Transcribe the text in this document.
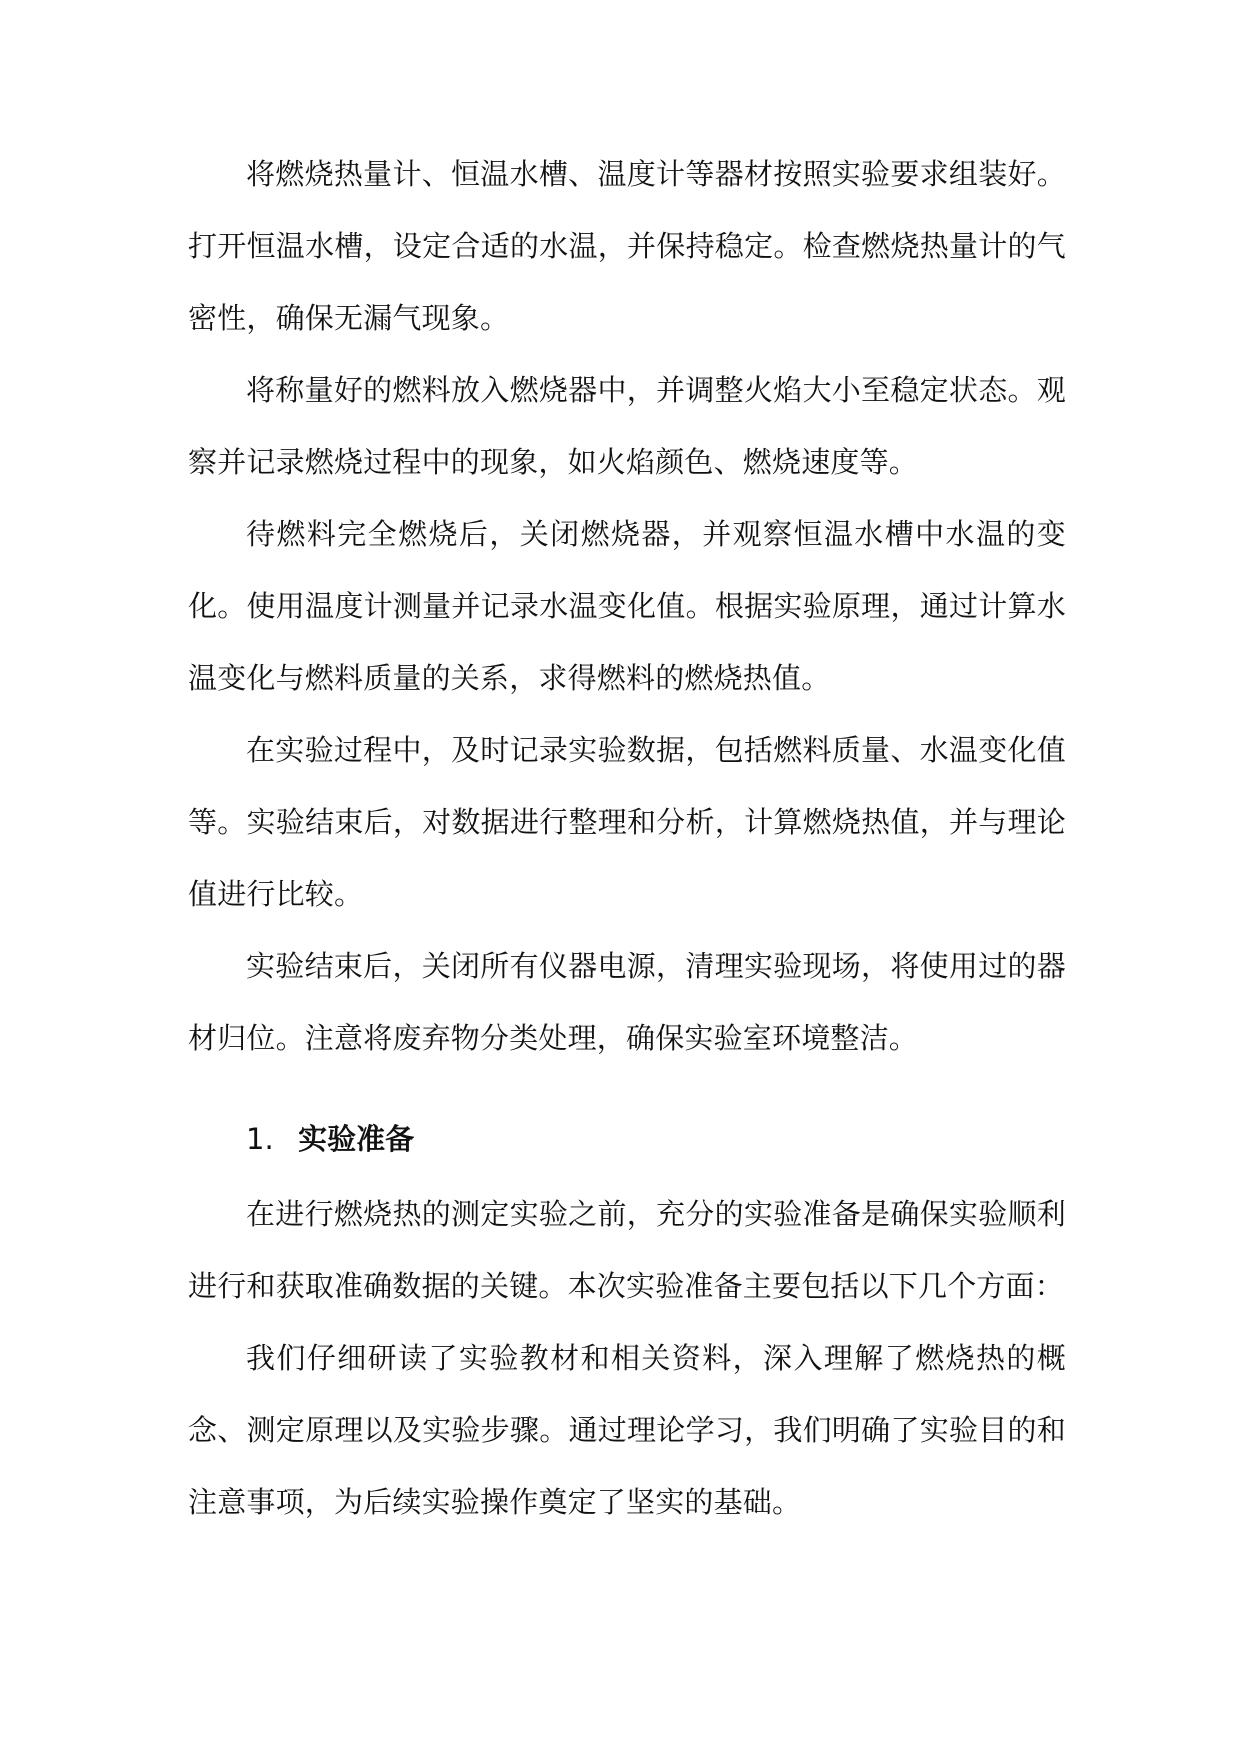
将燃烧热量计、恒温水槽、温度计等器材按照实验要求组装好。打开恒温水槽，设定合适的水温，并保持稳定。检查燃烧热量计的气密性，确保无漏气现象。

将称量好的燃料放入燃烧器中，并调整火焰大小至稳定状态。观察并记录燃烧过程中的现象，如火焰颜色、燃烧速度等。

待燃料完全燃烧后，关闭燃烧器，并观察恒温水槽中水温的变化。使用温度计测量并记录水温变化值。根据实验原理，通过计算水温变化与燃料质量的关系，求得燃料的燃烧热值。

在实验过程中，及时记录实验数据，包括燃料质量、水温变化值等。实验结束后，对数据进行整理和分析，计算燃烧热值，并与理论值进行比较。

实验结束后，关闭所有仪器电源，清理实验现场，将使用过的器材归位。注意将废弃物分类处理，确保实验室环境整洁。

1. 实验准备

在进行燃烧热的测定实验之前，充分的实验准备是确保实验顺利进行和获取准确数据的关键。本次实验准备主要包括以下几个方面：

我们仔细研读了实验教材和相关资料，深入理解了燃烧热的概念、测定原理以及实验步骤。通过理论学习，我们明确了实验目的和注意事项，为后续实验操作奠定了坚实的基础。
